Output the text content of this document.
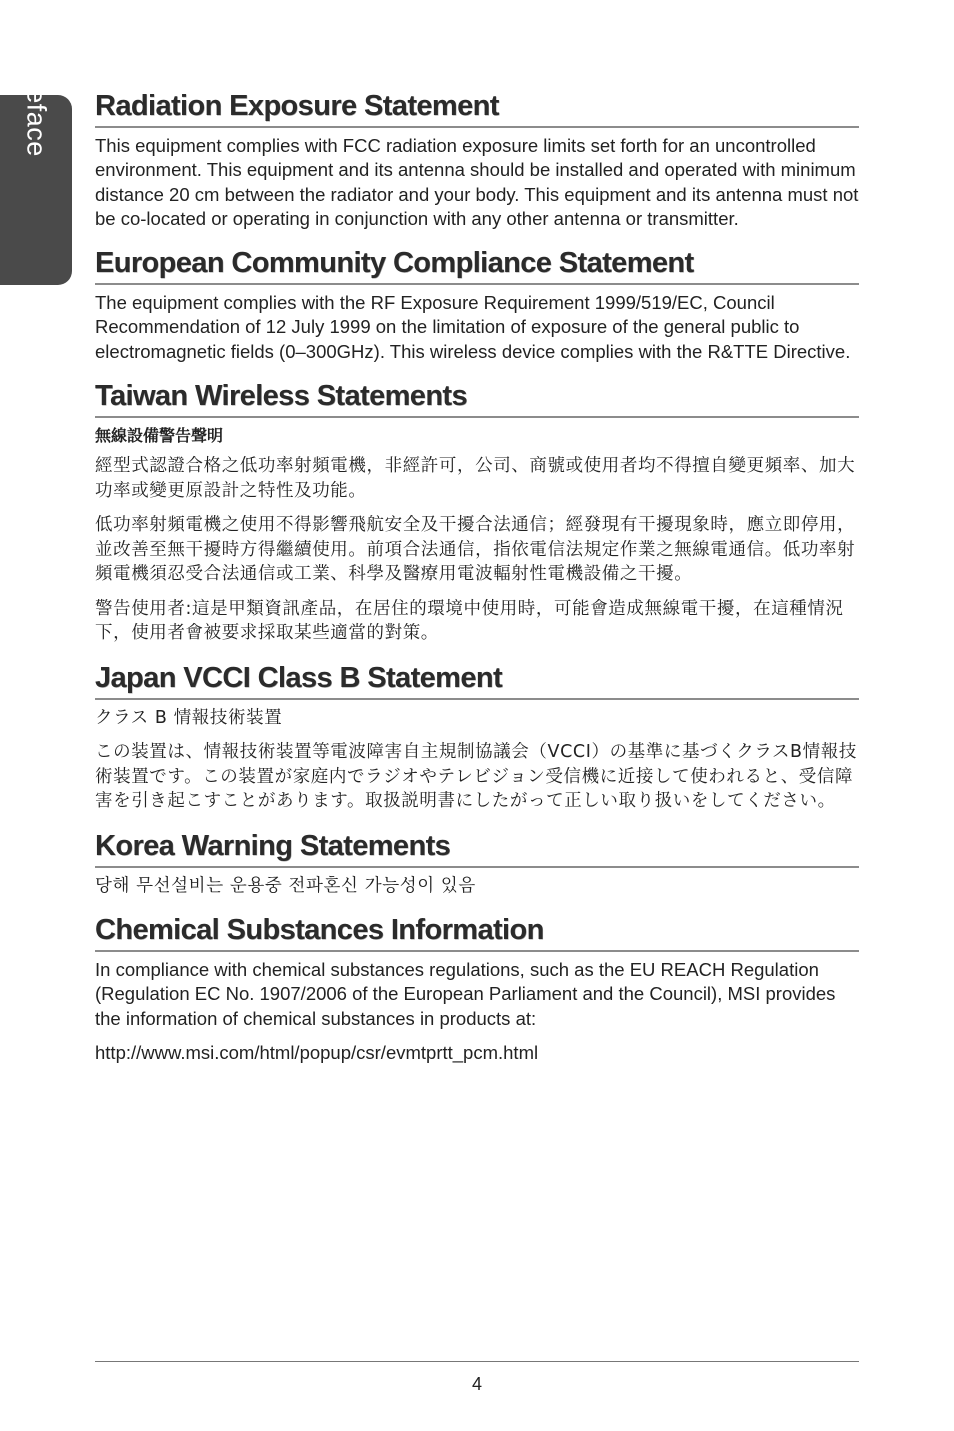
Preface Radiation Exposure Statement

This equipment complies with FCC radiation exposure limits set forth for an uncontrolled environment. This equipment and its antenna should be installed and operated with minimum distance 20 cm between the radiator and your body. This equipment and its antenna must not be co-located or operating in conjunction with any other antenna or transmitter.

European Community Compliance Statement

The equipment complies with the RF Exposure Requirement 1999/519/EC, Council Recommendation of 12 July 1999 on the limitation of exposure of the general public to electromagnetic fields (0–300GHz). This wireless device complies with the R&TTE Directive.

Taiwan Wireless Statements
無線設備警告聲明

經型式認證合格之低功率射頻電機，非經許可，公司、商號或使用者均不得擅自變更頻率、加大功率或變更原設計之特性及功能。

低功率射頻電機之使用不得影響飛航安全及干擾合法通信；經發現有干擾現象時，應立即停用，並改善至無干擾時方得繼續使用。前項合法通信，指依電信法規定作業之無線電通信。低功率射頻電機須忍受合法通信或工業、科學及醫療用電波輻射性電機設備之干擾。

警告使用者:這是甲類資訊產品，在居住的環境中使用時，可能會造成無線電干擾，在這種情況下，使用者會被要求採取某些適當的對策。

Japan VCCI Class B Statement

クラス B 情報技術装置

この装置は、情報技術装置等電波障害自主規制協議会（VCCI）の基準に基づくクラスB情報技術装置です。この装置が家庭内でラジオやテレビジョン受信機に近接して使われると、受信障害を引き起こすことがあります。取扱説明書にしたがって正しい取り扱いをしてください。

Korea Warning Statements

당해 무선설비는 운용중 전파혼신 가능성이 있음

Chemical Substances Information

In compliance with chemical substances regulations, such as the EU REACH Regulation (Regulation EC No. 1907/2006 of the European Parliament and the Council), MSI provides the information of chemical substances in products at:

http://www.msi.com/html/popup/csr/evmtprtt_pcm.html

4
